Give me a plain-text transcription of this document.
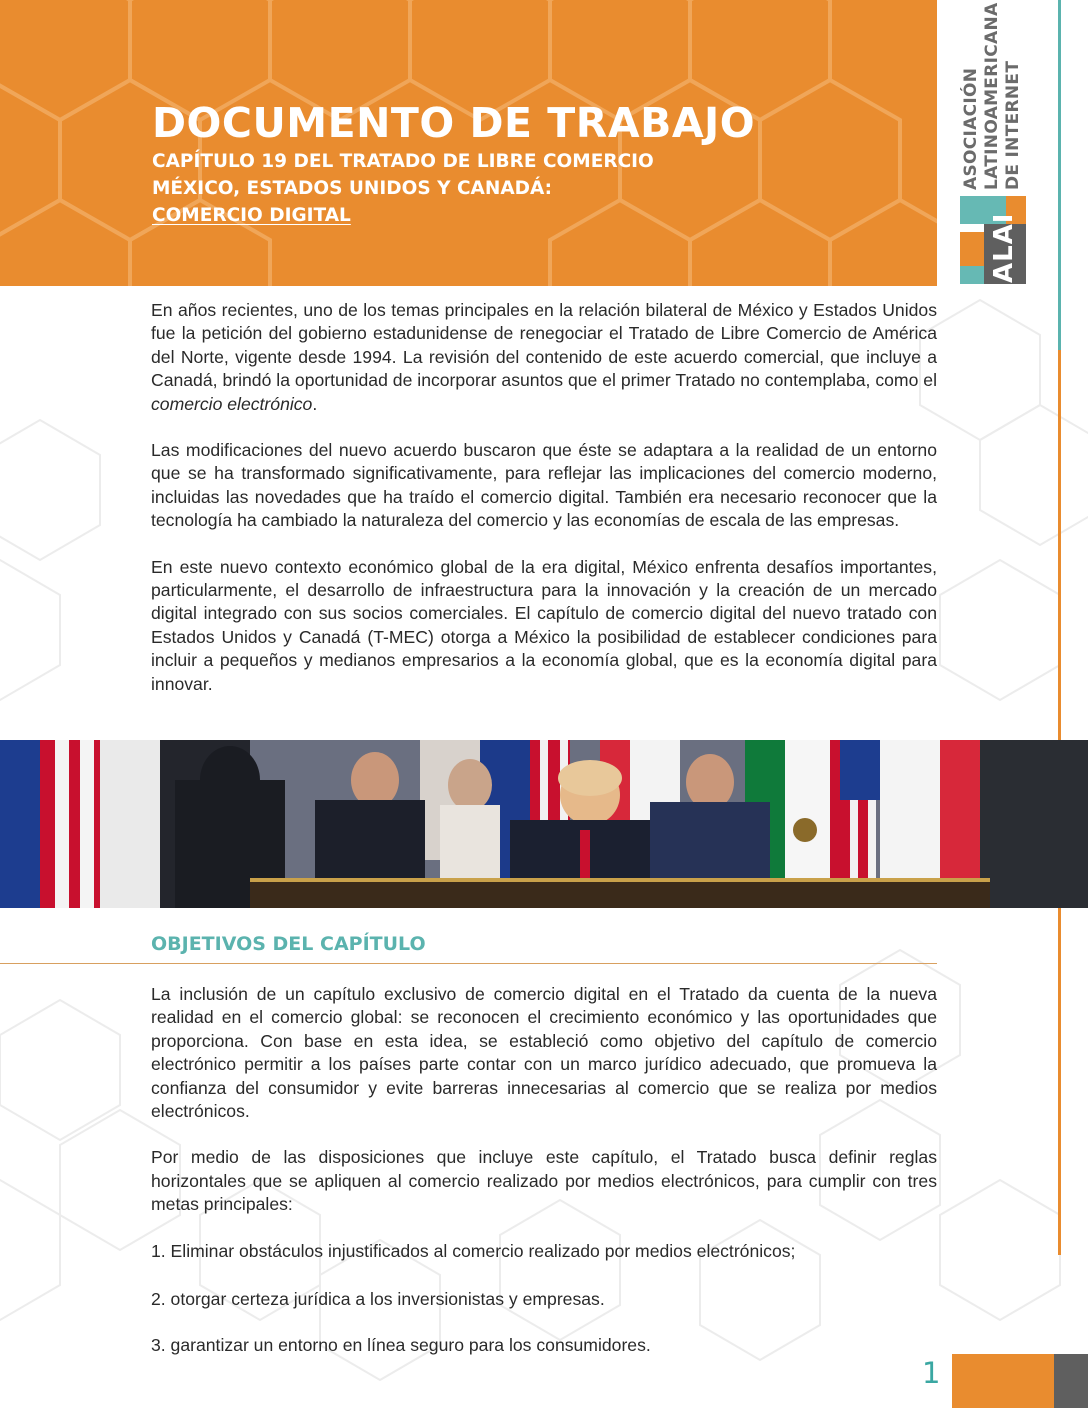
DOCUMENTO DE TRABAJO

CAPÍTULO 19 DEL TRATADO DE LIBRE COMERCIO

MÉXICO, ESTADOS UNIDOS Y CANADÁ:

COMERCIO DIGITAL

ASOCIACIÓN LATINOAMERICANA DE INTERNET
ALAI

En años recientes, uno de los temas principales en la relación bilateral de México y Estados Unidos fue la petición del gobierno estadunidense de renegociar el Tratado de Libre Comercio de América del Norte, vigente desde 1994. La revisión del contenido de este acuerdo comercial, que incluye a Canadá, brindó la oportunidad de incorporar asuntos que el primer Tratado no contemplaba, como el comercio electrónico.

Las modificaciones del nuevo acuerdo buscaron que éste se adaptara a la realidad de un entorno que se ha transformado significativamente, para reflejar las implicaciones del comercio moderno, incluidas las novedades que ha traído el comercio digital. También era necesario reconocer que la tecnología ha cambiado la naturaleza del comercio y las economías de escala de las empresas.

En este nuevo contexto económico global de la era digital, México enfrenta desafíos importantes, particularmente, el desarrollo de infraestructura para la innovación y la creación de un mercado digital integrado con sus socios comerciales. El capítulo de comercio digital del nuevo tratado con Estados Unidos y Canadá (T-MEC) otorga a México la posibilidad de establecer condiciones para incluir a pequeños y medianos empresarios a la economía global, que es la economía digital para innovar.

OBJETIVOS DEL CAPÍTULO

La inclusión de un capítulo exclusivo de comercio digital en el Tratado da cuenta de la nueva realidad en el comercio global: se reconocen el crecimiento económico y las oportunidades que proporciona. Con base en esta idea, se estableció como objetivo del capítulo de comercio electrónico permitir a los países parte contar con un marco jurídico adecuado, que promueva la confianza del consumidor y evite barreras innecesarias al comercio que se realiza por medios electrónicos.

Por medio de las disposiciones que incluye este capítulo, el Tratado busca definir reglas horizontales que se apliquen al comercio realizado por medios electrónicos, para cumplir con tres metas principales:

1. Eliminar obstáculos injustificados al comercio realizado por medios electrónicos;
2. otorgar certeza jurídica a los inversionistas y empresas.
3. garantizar un entorno en línea seguro para los consumidores.
1
